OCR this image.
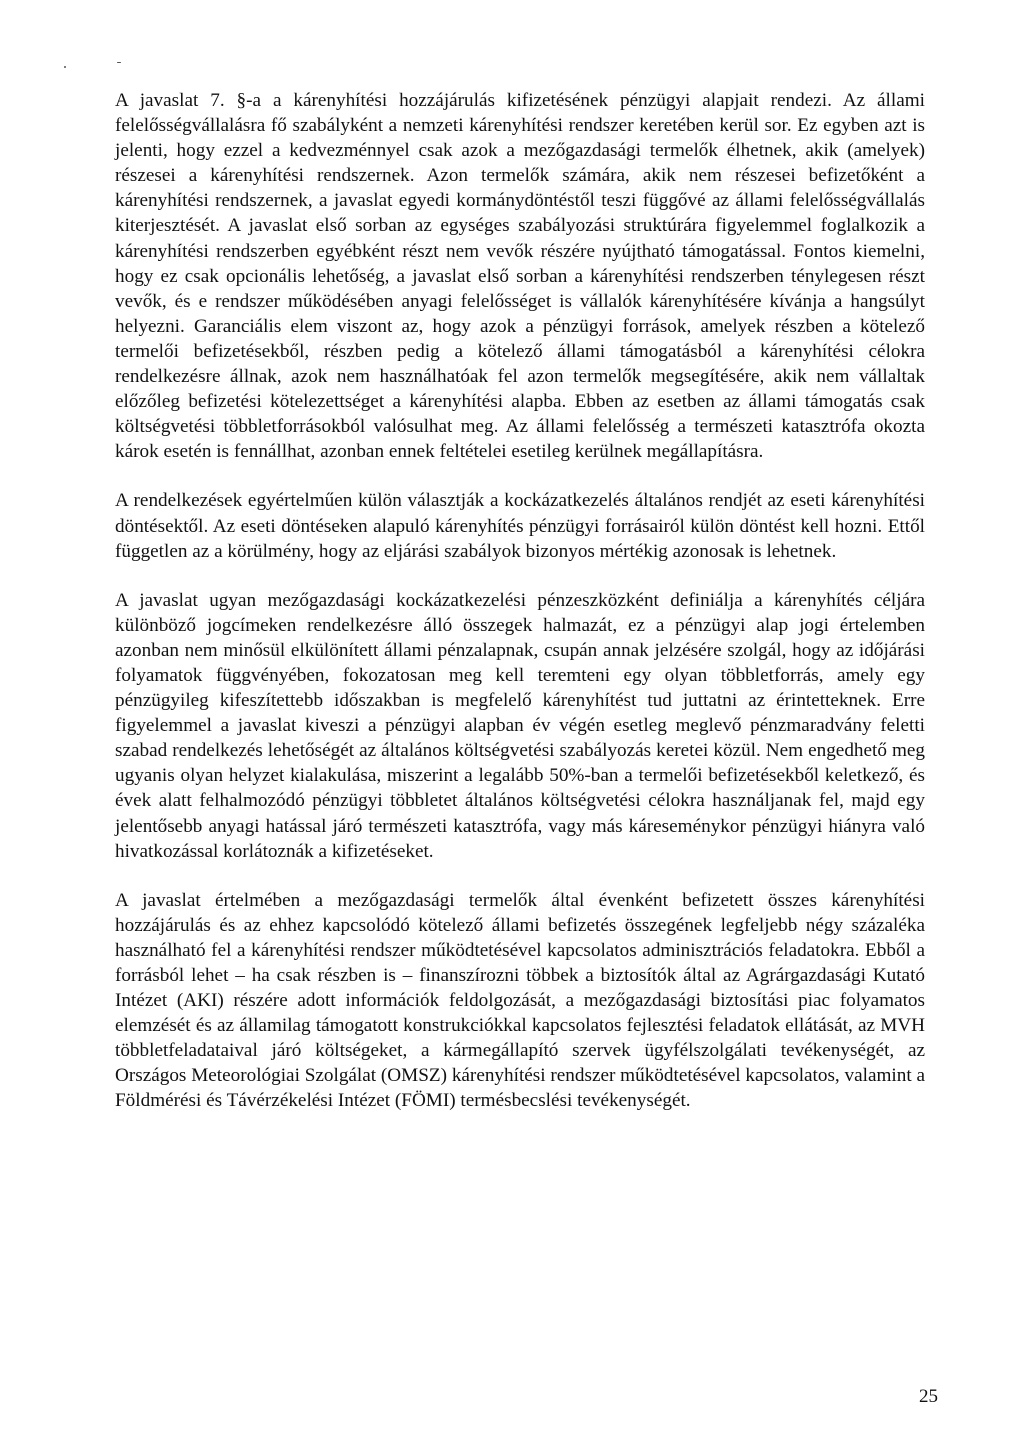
A javaslat 7. §-a a kárenyhítési hozzájárulás kifizetésének pénzügyi alapjait rendezi. Az állami felelősségvállalásra fő szabályként a nemzeti kárenyhítési rendszer keretében kerül sor. Ez egyben azt is jelenti, hogy ezzel a kedvezménnyel csak azok a mezőgazdasági termelők élhetnek, akik (amelyek) részesei a kárenyhítési rendszernek. Azon termelők számára, akik nem részesei befizetőként a kárenyhítési rendszernek, a javaslat egyedi kormánydöntéstől teszi függővé az állami felelősségvállalás kiterjesztését. A javaslat első sorban az egységes szabályozási struktúrára figyelemmel foglalkozik a kárenyhítési rendszerben egyébként részt nem vevők részére nyújtható támogatással. Fontos kiemelni, hogy ez csak opcionális lehetőség, a javaslat első sorban a kárenyhítési rendszerben ténylegesen részt vevők, és e rendszer működésében anyagi felelősséget is vállalók kárenyhítésére kívánja a hangsúlyt helyezni. Garanciális elem viszont az, hogy azok a pénzügyi források, amelyek részben a kötelező termelői befizetésekből, részben pedig a kötelező állami támogatásból a kárenyhítési célokra rendelkezésre állnak, azok nem használhatóak fel azon termelők megsegítésére, akik nem vállaltak előzőleg befizetési kötelezettséget a kárenyhítési alapba. Ebben az esetben az állami támogatás csak költségvetési többletforrásokból valósulhat meg. Az állami felelősség a természeti katasztrófa okozta károk esetén is fennállhat, azonban ennek feltételei esetileg kerülnek megállapításra.

A rendelkezések egyértelműen külön választják a kockázatkezelés általános rendjét az eseti kárenyhítési döntésektől. Az eseti döntéseken alapuló kárenyhítés pénzügyi forrásairól külön döntést kell hozni. Ettől független az a körülmény, hogy az eljárási szabályok bizonyos mértékig azonosak is lehetnek.

A javaslat ugyan mezőgazdasági kockázatkezelési pénzeszközként definiálja a kárenyhítés céljára különböző jogcímeken rendelkezésre álló összegek halmazát, ez a pénzügyi alap jogi értelemben azonban nem minősül elkülönített állami pénzalapnak, csupán annak jelzésére szolgál, hogy az időjárási folyamatok függvényében, fokozatosan meg kell teremteni egy olyan többletforrás, amely egy pénzügyileg kifeszítettebb időszakban is megfelelő kárenyhítést tud juttatni az érintetteknek. Erre figyelemmel a javaslat kiveszi a pénzügyi alapban év végén esetleg meglevő pénzmaradvány feletti szabad rendelkezés lehetőségét az általános költségvetési szabályozás keretei közül. Nem engedhető meg ugyanis olyan helyzet kialakulása, miszerint a legalább 50%-ban a termelői befizetésekből keletkező, és évek alatt felhalmozódó pénzügyi többletet általános költségvetési célokra használjanak fel, majd egy jelentősebb anyagi hatással járó természeti katasztrófa, vagy más káreseménykor pénzügyi hiányra való hivatkozással korlátoznák a kifizetéseket.

A javaslat értelmében a mezőgazdasági termelők által évenként befizetett összes kárenyhítési hozzájárulás és az ehhez kapcsolódó kötelező állami befizetés összegének legfeljebb négy százaléka használható fel a kárenyhítési rendszer működtetésével kapcsolatos adminisztrációs feladatokra. Ebből a forrásból lehet – ha csak részben is – finanszírozni többek a biztosítók által az Agrárgazdasági Kutató Intézet (AKI) részére adott információk feldolgozását, a mezőgazdasági biztosítási piac folyamatos elemzését és az államilag támogatott konstrukciókkal kapcsolatos fejlesztési feladatok ellátását, az MVH többletfeladataival járó költségeket, a kármegállapító szervek ügyfélszolgálati tevékenységét, az Országos Meteorológiai Szolgálat (OMSZ) kárenyhítési rendszer működtetésével kapcsolatos, valamint a Földmérési és Távérzékelési Intézet (FÖMI) termésbecslési tevékenységét.

25
